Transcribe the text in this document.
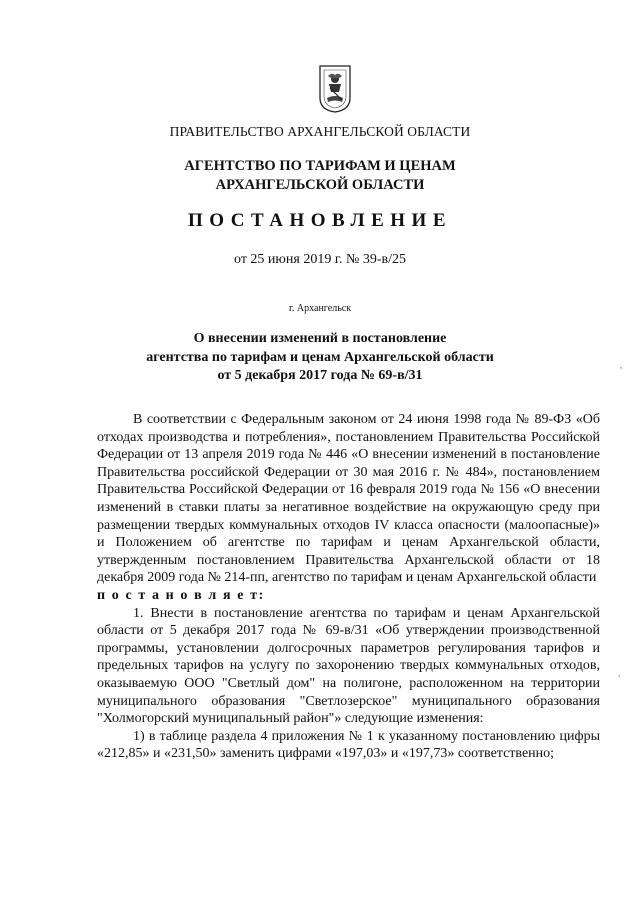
ПРАВИТЕЛЬСТВО АРХАНГЕЛЬСКОЙ ОБЛАСТИ
АГЕНТСТВО ПО ТАРИФАМ И ЦЕНАМ
АРХАНГЕЛЬСКОЙ ОБЛАСТИ
ПОСТАНОВЛЕНИЕ
от 25 июня 2019 г. № 39-в/25
г. Архангельск
О внесении изменений в постановление
агентства по тарифам и ценам Архангельской области
от 5 декабря 2017 года № 69-в/31

В соответствии с Федеральным законом от 24 июня 1998 года № 89-ФЗ «Об отходах производства и потребления», постановлением Правительства Российской Федерации от 13 апреля 2019 года № 446 «О внесении изменений в постановление Правительства российской Федерации от 30 мая 2016 г. № 484», постановлением Правительства Российской Федерации от 16 февраля 2019 года № 156 «О внесении изменений в ставки платы за негативное воздействие на окружающую среду при размещении твердых коммунальных отходов IV класса опасности (малоопасные)» и Положением об агентстве по тарифам и ценам Архангельской области, утвержденным постановлением Правительства Архангельской области от 18 декабря 2009 года № 214-пп, агентство по тарифам и ценам Архангельской области

п о с т а н о в л я е т:

1. Внести в постановление агентства по тарифам и ценам Архангельской области от 5 декабря 2017 года № 69-в/31 «Об утверждении производственной программы, установлении долгосрочных параметров регулирования тарифов и предельных тарифов на услугу по захоронению твердых коммунальных отходов, оказываемую ООО "Светлый дом" на полигоне, расположенном на территории муниципального образования "Светлозерское" муниципального образования "Холмогорский муниципальный район"» следующие изменения:

1) в таблице раздела 4 приложения № 1 к указанному постановлению цифры «212,85» и «231,50» заменить цифрами «197,03» и «197,73» соответственно;

,
,
